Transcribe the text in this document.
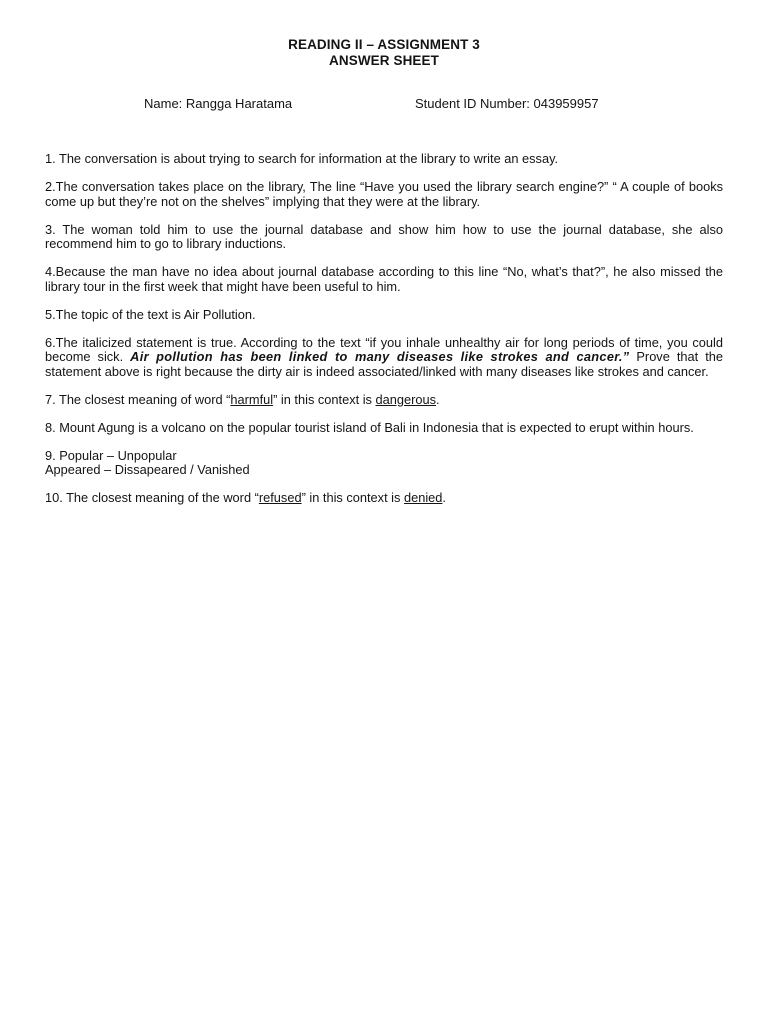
READING II – ASSIGNMENT 3
ANSWER SHEET
Name: Rangga Haratama	Student ID Number: 043959957

1. The conversation is about trying to search for information at the library to write an essay.

2.The conversation takes place on the library, The line “Have you used the library search engine?” “ A couple of books come up but they’re not on the shelves” implying that they were at the library.

3. The woman told him to use the journal database and show him how to use the journal database, she also recommend him to go to library inductions.

4.Because the man have no idea about journal database according to this line “No, what’s that?”, he also missed the library tour in the first week that might have been useful to him.

5.The topic of the text is Air Pollution.

6.The italicized statement is true. According to the text “if you inhale unhealthy air for long periods of time, you could become sick. Air pollution has been linked to many diseases like strokes and cancer.” Prove that the statement above is right because the dirty air is indeed associated/linked with many diseases like strokes and cancer.

7. The closest meaning of word “harmful” in this context is dangerous.

8. Mount Agung is a volcano on the popular tourist island of Bali in Indonesia that is expected to erupt within hours.

9. Popular – Unpopular
Appeared – Dissapeared / Vanished

10. The closest meaning of the word “refused” in this context is denied.
